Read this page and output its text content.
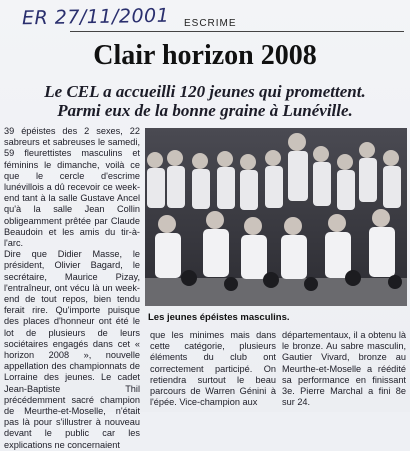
ER 27/11/2001 ESCRIME
Clair horizon 2008
Le CEL a accueilli 120 jeunes qui promettent.
Parmi eux de la bonne graine à Lunéville.

39 épéistes des 2 sexes, 22 sabreurs et sabreuses le samedi, 59 fleurettistes masculins et féminins le dimanche, voilà ce que le cercle d'escrime lunévillois a dû recevoir ce week-end tant à la salle Gustave Ancel qu'à la salle Jean Collin obligeamment prêtée par Claude Beaudoin et les amis du tir-à-l'arc.

Dire que Didier Masse, le président, Olivier Bagard, le secrétaire, Maurice Pizay, l'entraîneur, ont vécu là un week-end de tout repos, bien tendu ferait rire. Qu'importe puisque des places d'honneur ont été le lot de plusieurs de leurs sociétaires engagés dans cet « horizon 2008 », nouvelle appellation des championnats de Lorraine des jeunes. Le cadet Jean-Baptiste Thil précédemment sacré champion de Meurthe-et-Moselle, n'était pas là pour s'illustrer à nouveau devant le public car les explications ne concernaient

Les jeunes épéistes masculins.

que les minimes mais dans cette catégorie, plusieurs éléments du club ont correctement participé. On retiendra surtout le beau parcours de Warren Génini à l'épée. Vice-champion aux

départementaux, il a obtenu là le bronze. Au sabre masculin, Gautier Vivard, bronze au Meurthe-et-Moselle a réédité sa performance en finissant 3e. Pierre Marchal a fini 8e sur 24.
